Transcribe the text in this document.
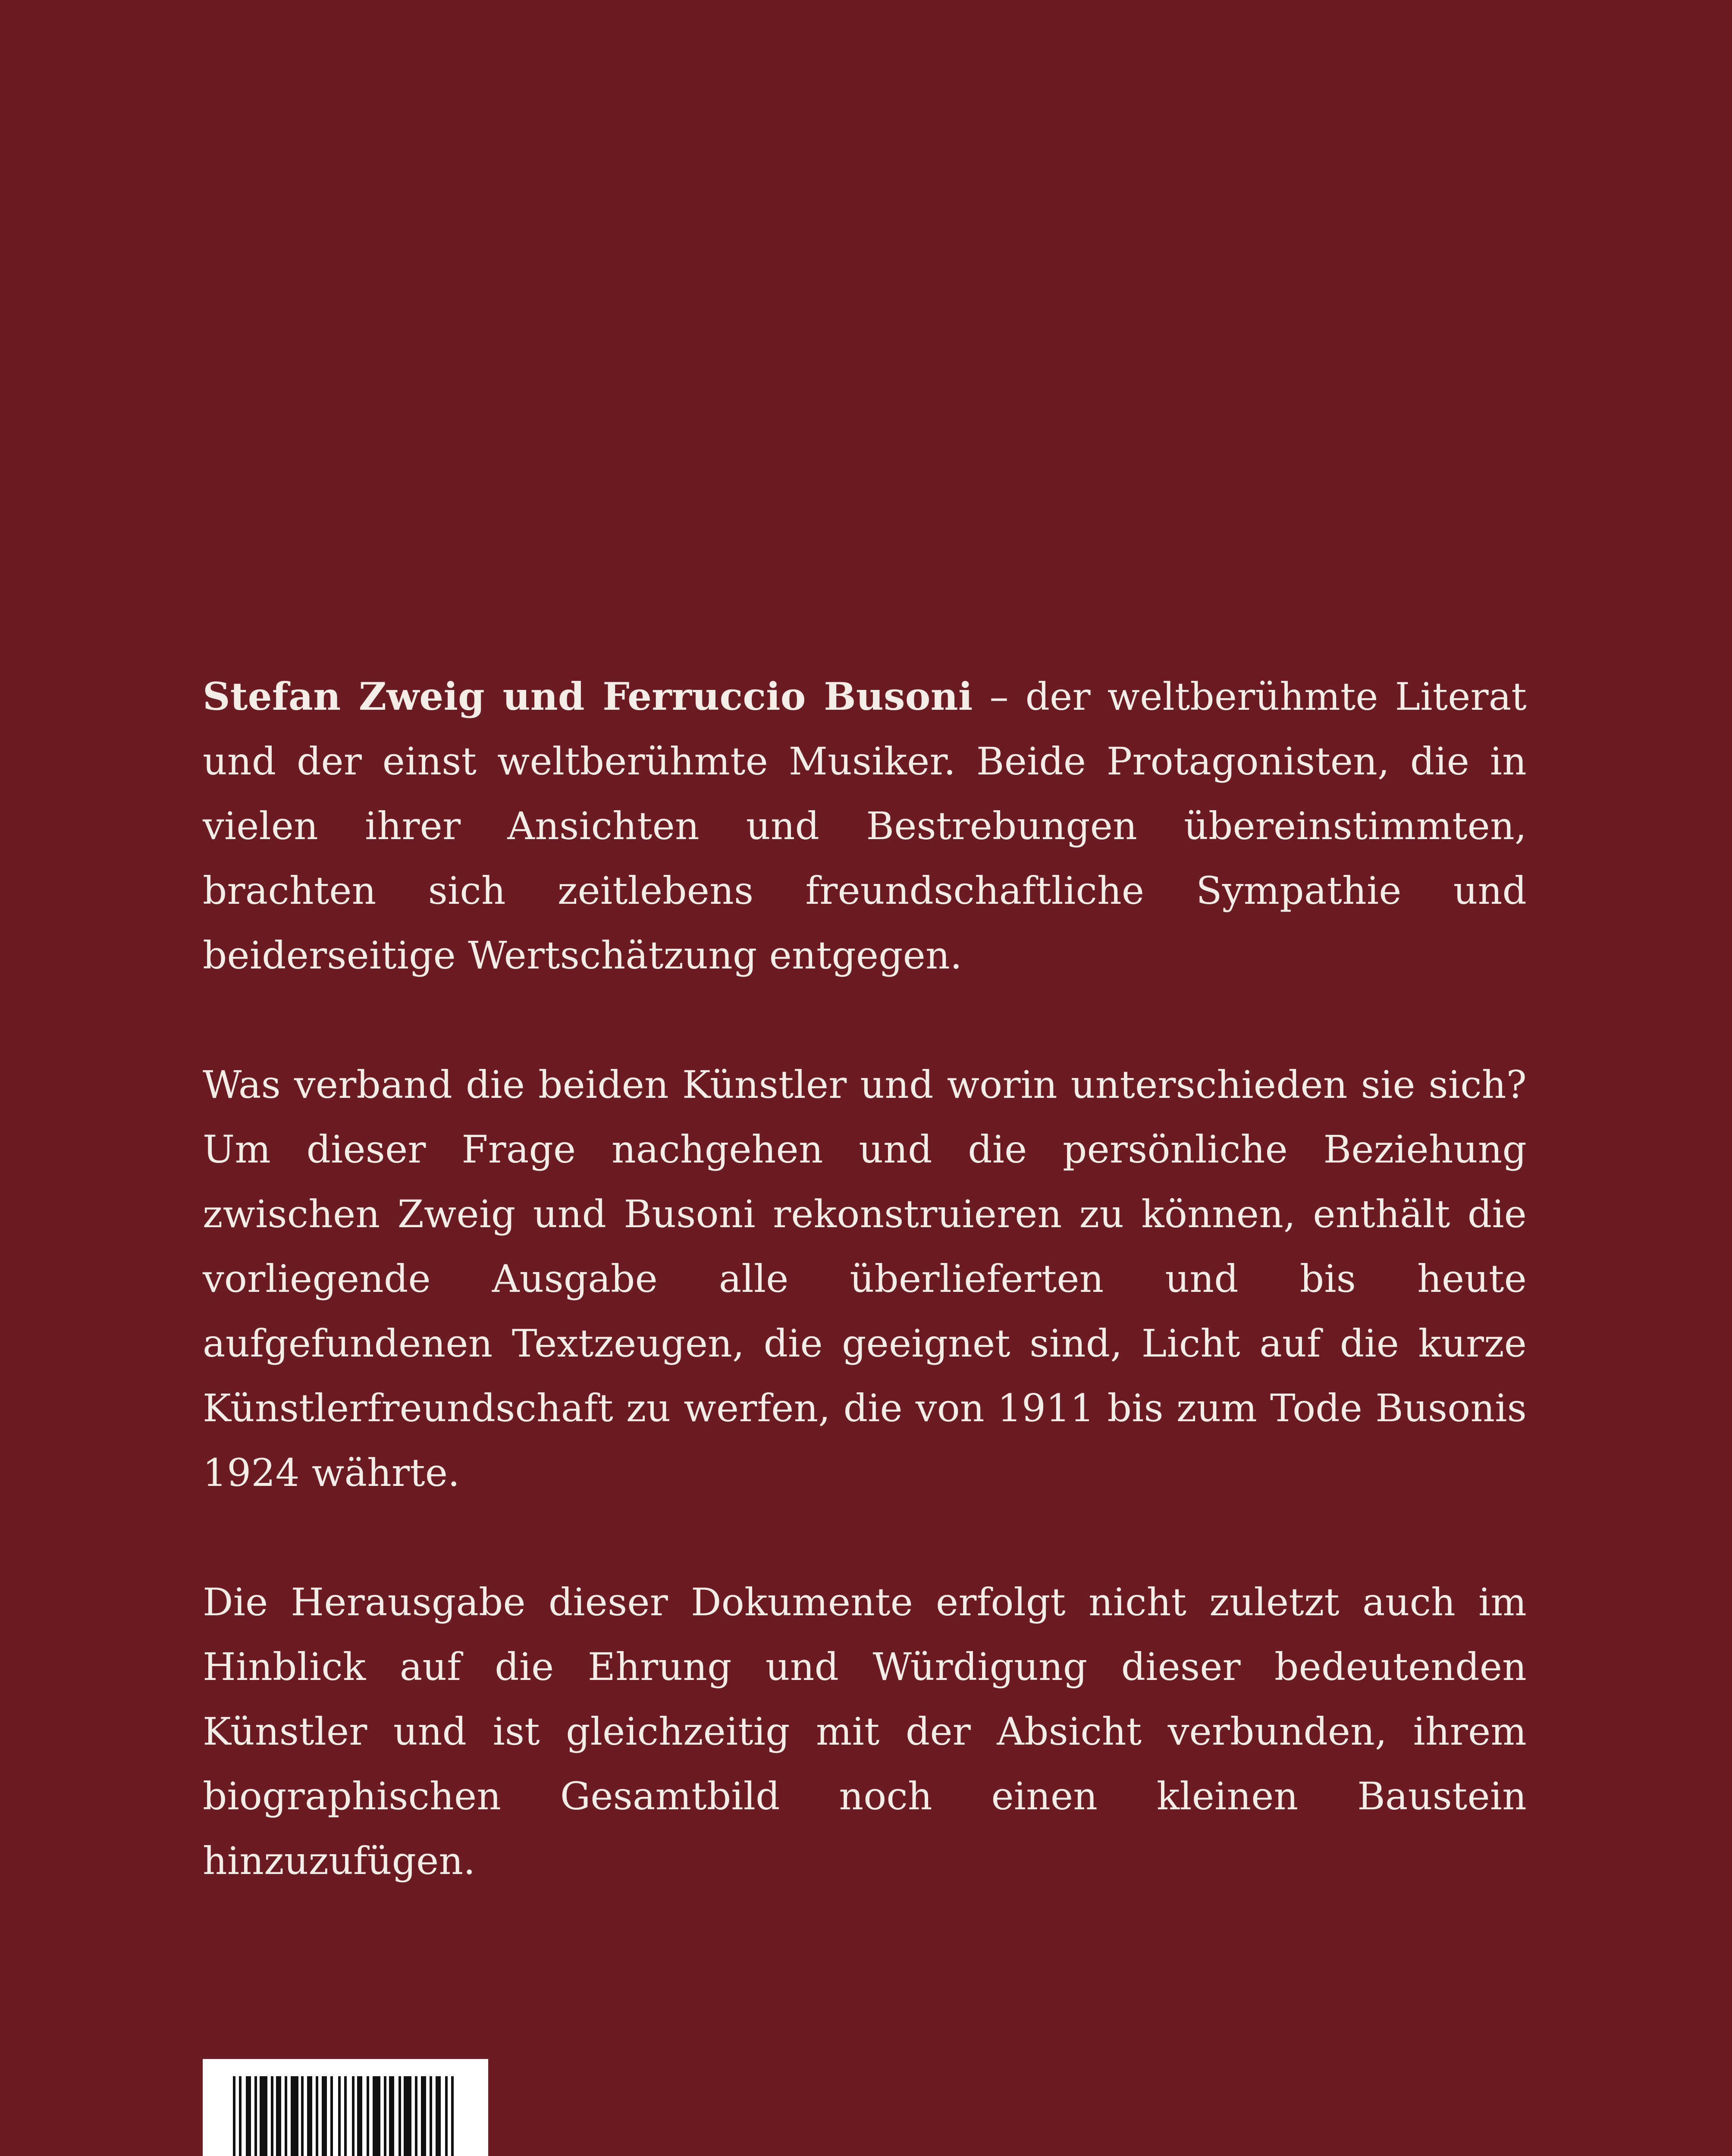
Stefan Zweig und Ferruccio Busoni – der weltberühmte Literat und der einst weltberühmte Musiker. Beide Protagonisten, die in vielen ihrer Ansichten und Bestrebungen übereinstimmten, brachten sich zeitlebens freundschaftliche Sympathie und beiderseitige Wertschätzung entgegen.

Was verband die beiden Künstler und worin unterschieden sie sich? Um dieser Frage nachgehen und die persönliche Beziehung zwischen Zweig und Busoni rekonstruieren zu können, enthält die vorliegende Ausgabe alle überlieferten und bis heute aufgefundenen Textzeugen, die geeignet sind, Licht auf die kurze Künstlerfreundschaft zu werfen, die von 1911 bis zum Tode Busonis 1924 währte.

Die Herausgabe dieser Dokumente erfolgt nicht zuletzt auch im Hinblick auf die Ehrung und Würdigung dieser bedeutenden Künstler und ist gleichzeitig mit der Absicht verbunden, ihrem biographischen Gesamtbild noch einen kleinen Baustein hinzuzufügen.
